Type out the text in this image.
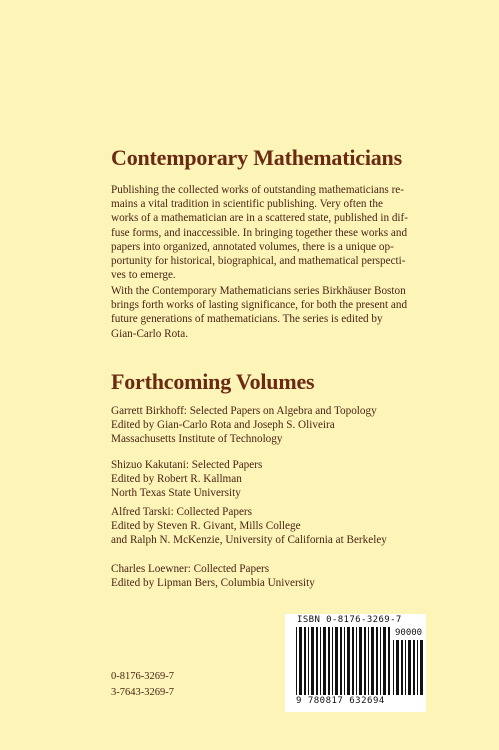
Contemporary Mathematicians

Publishing the collected works of outstanding mathematicians re-
mains a vital tradition in scientific publishing. Very often the
works of a mathematician are in a scattered state, published in dif-
fuse forms, and inaccessible. In bringing together these works and
papers into organized, annotated volumes, there is a unique op-
portunity for historical, biographical, and mathematical perspecti-
ves to emerge.

With the Contemporary Mathematicians series Birkhäuser Boston
brings forth works of lasting significance, for both the present and
future generations of mathematicians. The series is edited by
Gian-Carlo Rota.

Forthcoming Volumes
Garrett Birkhoff: Selected Papers on Algebra and Topology
Edited by Gian-Carlo Rota and Joseph S. Oliveira
Massachusetts Institute of Technology
Shizuo Kakutani: Selected Papers
Edited by Robert R. Kallman
North Texas State University
Alfred Tarski: Collected Papers
Edited by Steven R. Givant, Mills College
and Ralph N. McKenzie, University of California at Berkeley
Charles Loewner: Collected Papers
Edited by Lipman Bers, Columbia University
0-8176-3269-7
3-7643-3269-7
ISBN 0-8176-3269-7
90000
9 780817 632694
